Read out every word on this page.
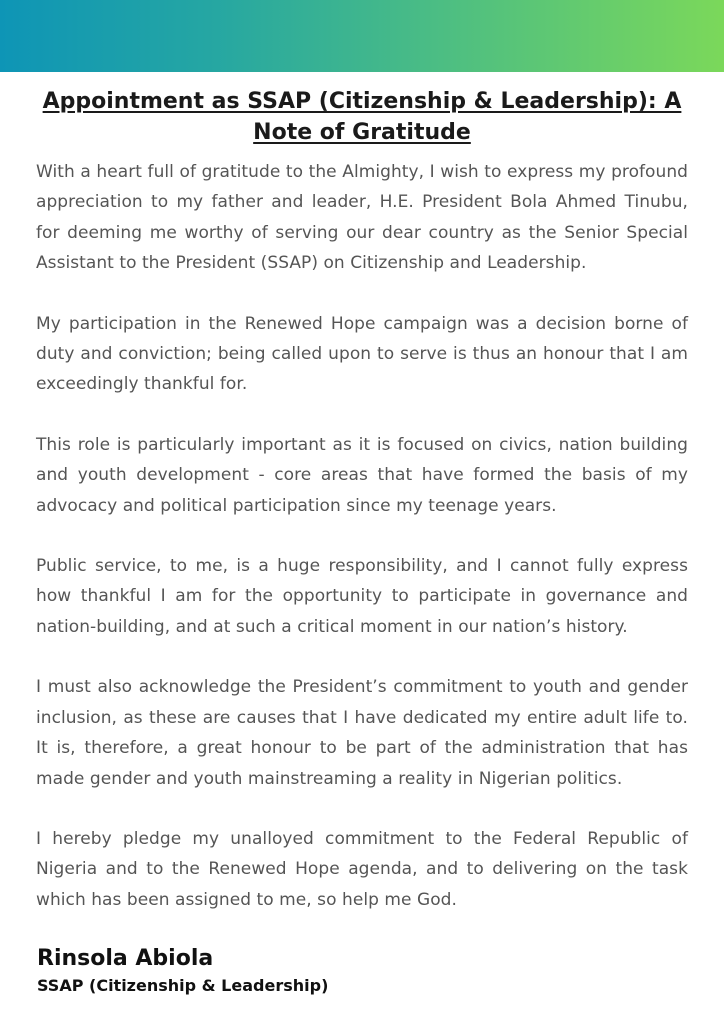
Appointment as SSAP (Citizenship & Leadership): A Note of Gratitude

With a heart full of gratitude to the Almighty, I wish to express my profound appreciation to my father and leader, H.E. President Bola Ahmed Tinubu, for deeming me worthy of serving our dear country as the Senior Special Assistant to the President (SSAP) on Citizenship and Leadership.

My participation in the Renewed Hope campaign was a decision borne of duty and conviction; being called upon to serve is thus an honour that I am exceedingly thankful for.

This role is particularly important as it is focused on civics, nation building and youth development - core areas that have formed the basis of my advocacy and political participation since my teenage years.

Public service, to me, is a huge responsibility, and I cannot fully express how thankful I am for the opportunity to participate in governance and nation-building, and at such a critical moment in our nation’s history.

I must also acknowledge the President’s commitment to youth and gender inclusion, as these are causes that I have dedicated my entire adult life to. It is, therefore, a great honour to be part of the administration that has made gender and youth mainstreaming a reality in Nigerian politics.

I hereby pledge my unalloyed commitment to the Federal Republic of Nigeria and to the Renewed Hope agenda, and to delivering on the task which has been assigned to me, so help me God.

Rinsola Abiola

SSAP (Citizenship & Leadership)
